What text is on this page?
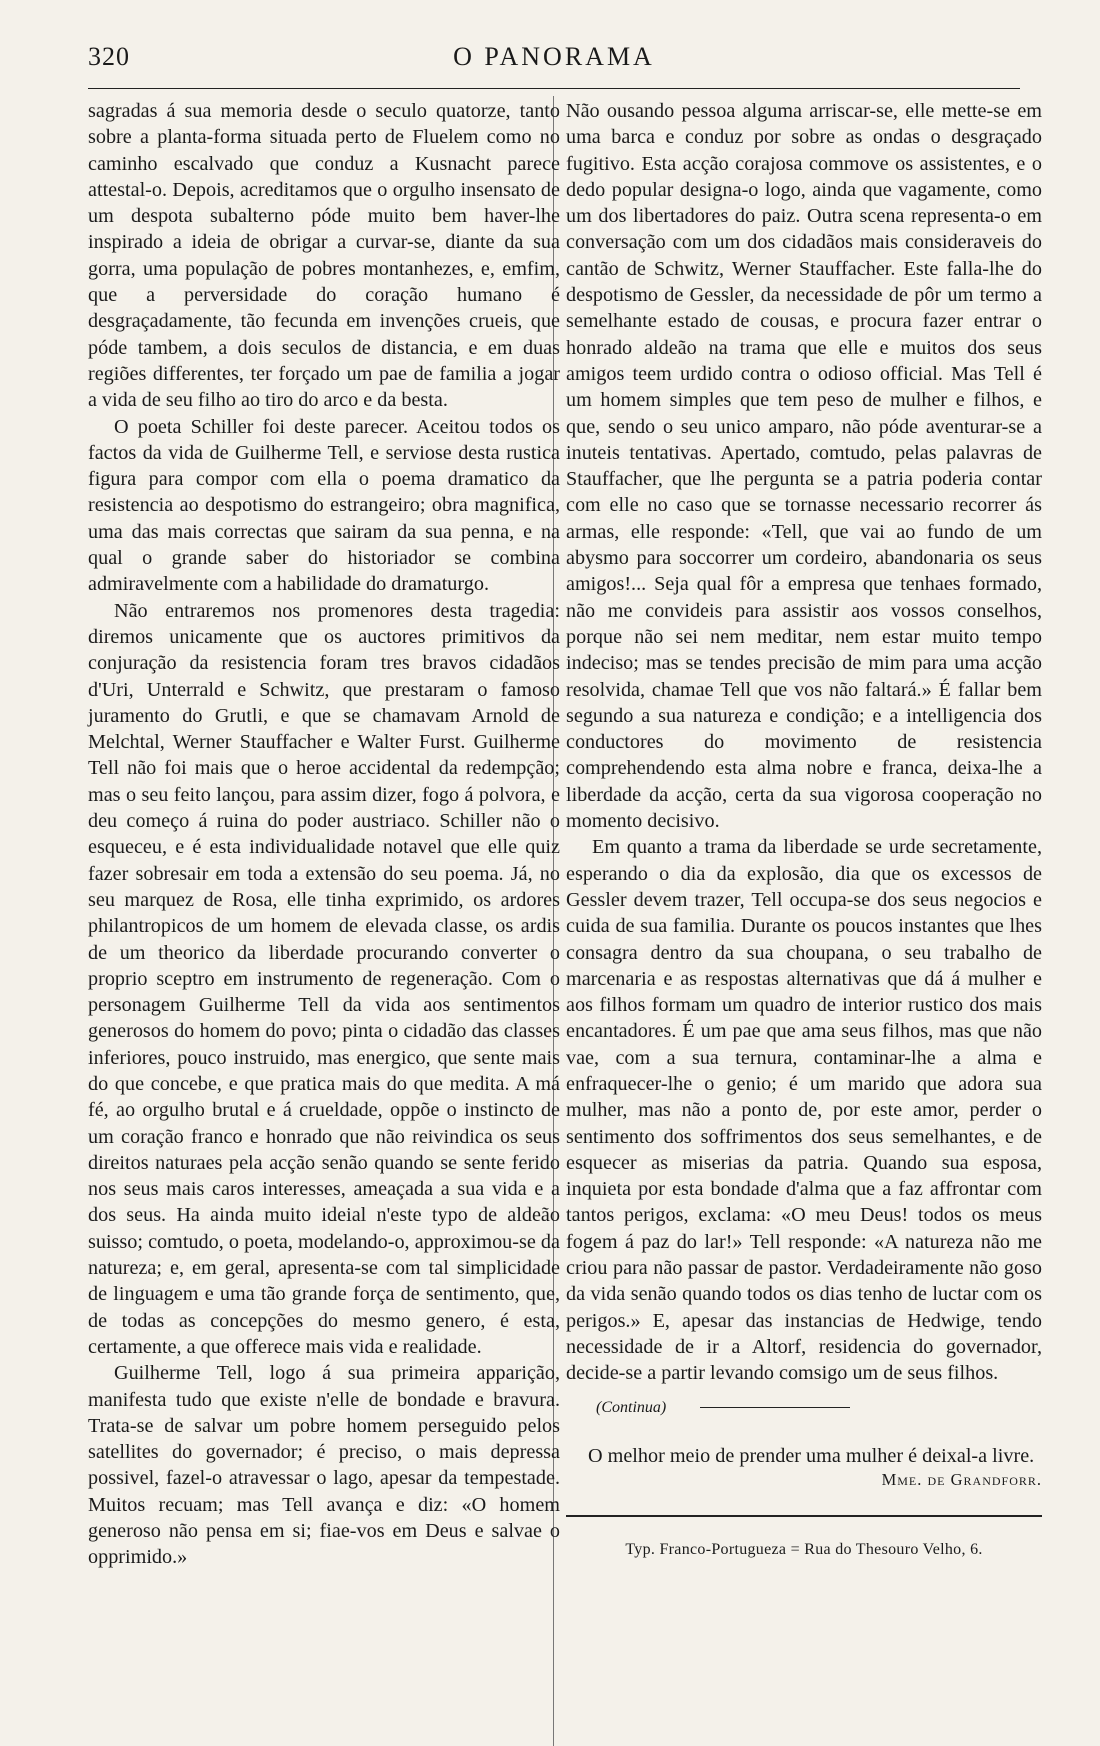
320	O PANORAMA

sagradas á sua memoria desde o seculo quatorze, tanto sobre a planta-forma situada perto de Fluelem como no caminho escalvado que conduz a Kusnacht parece attestal-o. Depois, acreditamos que o orgulho insensato de um despota subalterno póde muito bem haver-lhe inspirado a ideia de obrigar a curvar-se, diante da sua gorra, uma população de pobres montanhezes, e, emfim, que a perversidade do coração humano é desgraçadamente, tão fecunda em invenções crueis, que póde tambem, a dois seculos de distancia, e em duas regiões differentes, ter forçado um pae de familia a jogar a vida de seu filho ao tiro do arco e da besta.

O poeta Schiller foi deste parecer. Aceitou todos os factos da vida de Guilherme Tell, e serviose desta rustica figura para compor com ella o poema dramatico da resistencia ao despotismo do estrangeiro; obra magnifica, uma das mais correctas que sairam da sua penna, e na qual o grande saber do historiador se combina admiravelmente com a habilidade do dramaturgo.

Não entraremos nos promenores desta tragedia: diremos unicamente que os auctores primitivos da conjuração da resistencia foram tres bravos cidadãos d'Uri, Unterrald e Schwitz, que prestaram o famoso juramento do Grutli, e que se chamavam Arnold de Melchtal, Werner Stauffacher e Walter Furst. Guilherme Tell não foi mais que o heroe accidental da redempção; mas o seu feito lançou, para assim dizer, fogo á polvora, e deu começo á ruina do poder austriaco. Schiller não o esqueceu, e é esta individualidade notavel que elle quiz fazer sobresair em toda a extensão do seu poema. Já, no seu marquez de Rosa, elle tinha exprimido, os ardores philantropicos de um homem de elevada classe, os ardis de um theorico da liberdade procurando converter o proprio sceptro em instrumento de regeneração. Com o personagem Guilherme Tell da vida aos sentimentos generosos do homem do povo; pinta o cidadão das classes inferiores, pouco instruido, mas energico, que sente mais do que concebe, e que pratica mais do que medita. A má fé, ao orgulho brutal e á crueldade, oppõe o instincto de um coração franco e honrado que não reivindica os seus direitos naturaes pela acção senão quando se sente ferido nos seus mais caros interesses, ameaçada a sua vida e a dos seus. Ha ainda muito ideial n'este typo de aldeão suisso; comtudo, o poeta, modelando-o, approximou-se da natureza; e, em geral, apresenta-se com tal simplicidade de linguagem e uma tão grande força de sentimento, que, de todas as concepções do mesmo genero, é esta, certamente, a que offerece mais vida e realidade.

Guilherme Tell, logo á sua primeira apparição, manifesta tudo que existe n'elle de bondade e bravura. Trata-se de salvar um pobre homem perseguido pelos satellites do governador; é preciso, o mais depressa possivel, fazel-o atravessar o lago, apesar da tempestade. Muitos recuam; mas Tell avança e diz: «O homem generoso não pensa em si; fiae-vos em Deus e salvae o opprimido.»

Não ousando pessoa alguma arriscar-se, elle mette-se em uma barca e conduz por sobre as ondas o desgraçado fugitivo. Esta acção corajosa commove os assistentes, e o dedo popular designa-o logo, ainda que vagamente, como um dos libertadores do paiz. Outra scena representa-o em conversação com um dos cidadãos mais consideraveis do cantão de Schwitz, Werner Stauffacher. Este falla-lhe do despotismo de Gessler, da necessidade de pôr um termo a semelhante estado de cousas, e procura fazer entrar o honrado aldeão na trama que elle e muitos dos seus amigos teem urdido contra o odioso official. Mas Tell é um homem simples que tem peso de mulher e filhos, e que, sendo o seu unico amparo, não póde aventurar-se a inuteis tentativas. Apertado, comtudo, pelas palavras de Stauffacher, que lhe pergunta se a patria poderia contar com elle no caso que se tornasse necessario recorrer ás armas, elle responde: «Tell, que vai ao fundo de um abysmo para soccorrer um cordeiro, abandonaria os seus amigos!... Seja qual fôr a empresa que tenhaes formado, não me convideis para assistir aos vossos conselhos, porque não sei nem meditar, nem estar muito tempo indeciso; mas se tendes precisão de mim para uma acção resolvida, chamae Tell que vos não faltará.» É fallar bem segundo a sua natureza e condição; e a intelligencia dos conductores do movimento de resistencia comprehendendo esta alma nobre e franca, deixa-lhe a liberdade da acção, certa da sua vigorosa cooperação no momento decisivo.

Em quanto a trama da liberdade se urde secretamente, esperando o dia da explosão, dia que os excessos de Gessler devem trazer, Tell occupa-se dos seus negocios e cuida de sua familia. Durante os poucos instantes que lhes consagra dentro da sua choupana, o seu trabalho de marcenaria e as respostas alternativas que dá á mulher e aos filhos formam um quadro de interior rustico dos mais encantadores. É um pae que ama seus filhos, mas que não vae, com a sua ternura, contaminar-lhe a alma e enfraquecer-lhe o genio; é um marido que adora sua mulher, mas não a ponto de, por este amor, perder o sentimento dos soffrimentos dos seus semelhantes, e de esquecer as miserias da patria. Quando sua esposa, inquieta por esta bondade d'alma que a faz affrontar com tantos perigos, exclama: «O meu Deus! todos os meus fogem á paz do lar!» Tell responde: «A natureza não me criou para não passar de pastor. Verdadeiramente não goso da vida senão quando todos os dias tenho de luctar com os perigos.» E, apesar das instancias de Hedwige, tendo necessidade de ir a Altorf, residencia do governador, decide-se a partir levando comsigo um de seus filhos.

(Continua)

O melhor meio de prender uma mulher é deixal-a livre.

Mme. de Grandforr.
Typ. Franco-Portugueza = Rua do Thesouro Velho, 6.
